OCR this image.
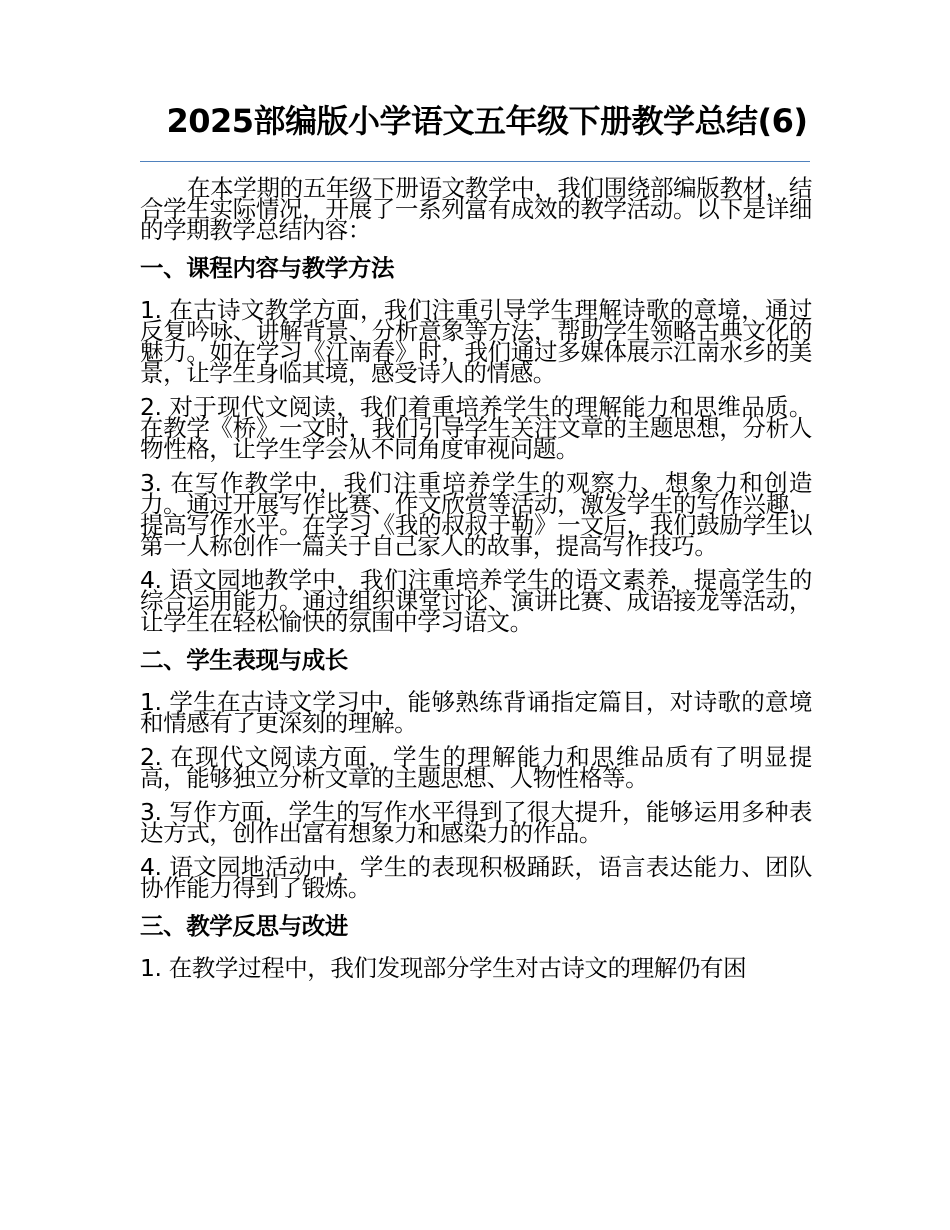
2025部编版小学语文五年级下册教学总结(6)

在本学期的五年级下册语文教学中，我们围绕部编版教材，结合学生实际情况，开展了一系列富有成效的教学活动。以下是详细的学期教学总结内容：

一、课程内容与教学方法

1. 在古诗文教学方面，我们注重引导学生理解诗歌的意境，通过反复吟咏、讲解背景、分析意象等方法，帮助学生领略古典文化的魅力。如在学习《江南春》时，我们通过多媒体展示江南水乡的美景，让学生身临其境，感受诗人的情感。

2. 对于现代文阅读，我们着重培养学生的理解能力和思维品质。在教学《桥》一文时，我们引导学生关注文章的主题思想，分析人物性格，让学生学会从不同角度审视问题。

3. 在写作教学中，我们注重培养学生的观察力、想象力和创造力。通过开展写作比赛、作文欣赏等活动，激发学生的写作兴趣，提高写作水平。在学习《我的叔叔于勒》一文后，我们鼓励学生以第一人称创作一篇关于自己家人的故事，提高写作技巧。

4. 语文园地教学中，我们注重培养学生的语文素养，提高学生的综合运用能力。通过组织课堂讨论、演讲比赛、成语接龙等活动，让学生在轻松愉快的氛围中学习语文。

二、学生表现与成长

1. 学生在古诗文学习中，能够熟练背诵指定篇目，对诗歌的意境和情感有了更深刻的理解。

2. 在现代文阅读方面，学生的理解能力和思维品质有了明显提高，能够独立分析文章的主题思想、人物性格等。

3. 写作方面，学生的写作水平得到了很大提升，能够运用多种表达方式，创作出富有想象力和感染力的作品。

4. 语文园地活动中，学生的表现积极踊跃，语言表达能力、团队协作能力得到了锻炼。

三、教学反思与改进

1. 在教学过程中，我们发现部分学生对古诗文的理解仍有困
